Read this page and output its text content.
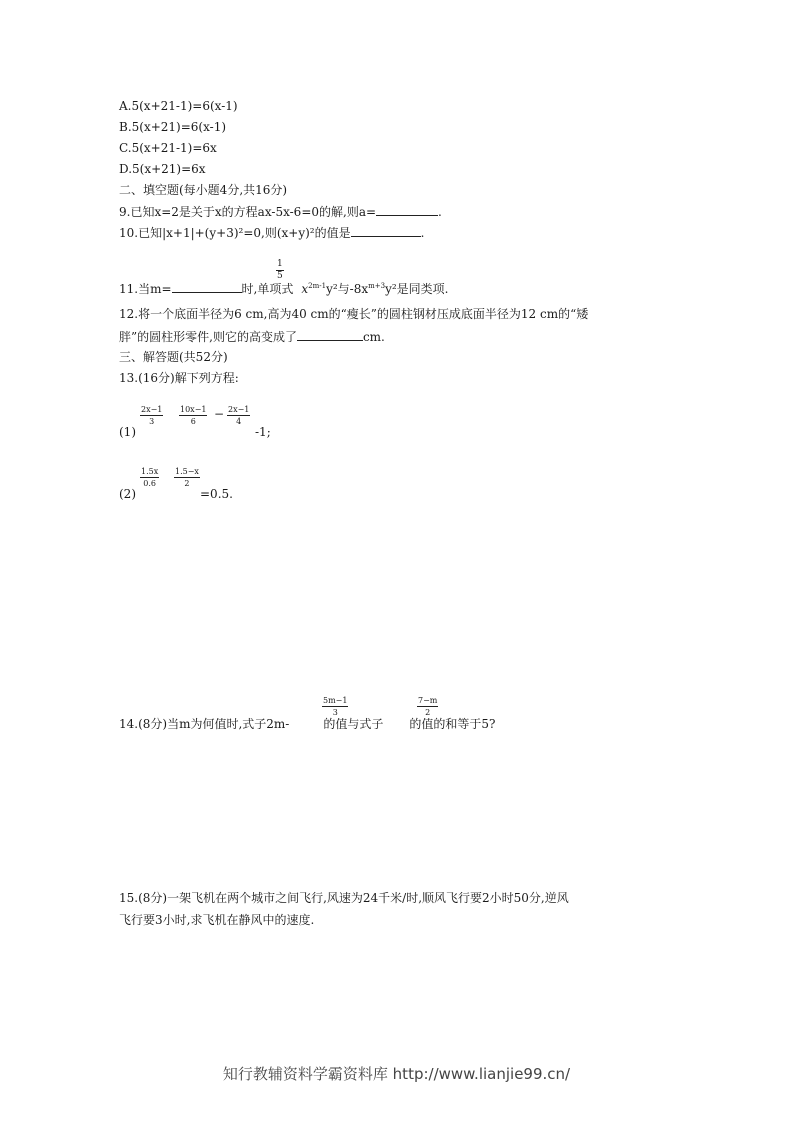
A.5(x+21-1)=6(x-1)
B.5(x+21)=6(x-1)
C.5(x+21-1)=6x
D.5(x+21)=6x
二、填空题(每小题4分,共16分)
9.已知x=2是关于x的方程ax-5x-6=0的解,则a=	.
10.已知|x+1|+(y+3)²=0,则(x+y)²的值是	.
11.当m=	时,单项式 $x^{2m-1}y^2$与$-8x^{m+3}y^2$是同类项.
$\frac{1}{5}$
12.将一个底面半径为6 cm,高为40 cm的“瘦长”的圆柱钢材压成底面半径为12 cm的“矮
胖”的圆柱形零件,则它的高变成了	cm.
三、解答题(共52分)
13.(16分)解下列方程:
(1)
$\frac{2x-1}{3} \frac{10x-1}{6} - \frac{2x-1}{4}$
-1;
(2)
$\frac{1.5x}{0.6} \frac{1.5-x}{2}$
=0.5.
14.(8分)当m为何值时,式子2m-	的值与式子 的值的和等于5?
$\frac{5m-1}{3}$	$\frac{7-m}{2}$
15.(8分)一架飞机在两个城市之间飞行,风速为24千米/时,顺风飞行要2小时50分,逆风
飞行要3小时,求飞机在静风中的速度.
知行教辅资料学霸资料库 http://www.lianjie99.cn/
